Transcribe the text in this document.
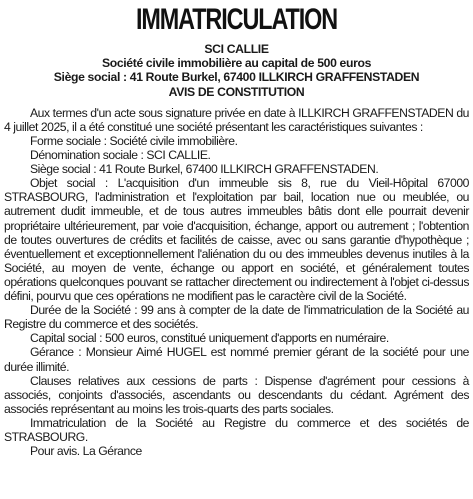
IMMATRICULATION
SCI CALLIE
Société civile immobilière au capital de 500 euros
Siège social : 41 Route Burkel, 67400 ILLKIRCH GRAFFENSTADEN
AVIS DE CONSTITUTION

Aux termes d'un acte sous signature privée en date à ILLKIRCH GRAFFENSTADEN du 4 juillet 2025, il a été constitué une société présentant les caractéristiques suivantes :

Forme sociale : Société civile immobilière.

Dénomination sociale : SCI CALLIE.

Siège social : 41 Route Burkel, 67400 ILLKIRCH GRAFFENSTADEN.

Objet social : L'acquisition d'un immeuble sis 8, rue du Vieil-Hôpital 67000 STRASBOURG, l'administration et l'exploitation par bail, location nue ou meublée, ou autrement dudit immeuble, et de tous autres immeubles bâtis dont elle pourrait devenir propriétaire ultérieurement, par voie d'acquisition, échange, apport ou autrement ; l'obtention de toutes ouvertures de crédits et facilités de caisse, avec ou sans garantie d'hypothèque ; éventuellement et exceptionnellement l'aliénation du ou des immeubles devenus inutiles à la Société, au moyen de vente, échange ou apport en société, et généralement toutes opérations quelconques pouvant se rattacher directement ou indirectement à l'objet ci-dessus défini, pourvu que ces opérations ne modifient pas le caractère civil de la Société.

Durée de la Société : 99 ans à compter de la date de l'immatriculation de la Société au Registre du commerce et des sociétés.

Capital social : 500 euros, constitué uniquement d'apports en numéraire.

Gérance : Monsieur Aimé HUGEL est nommé premier gérant de la société pour une durée illimité.

Clauses relatives aux cessions de parts : Dispense d'agrément pour cessions à associés, conjoints d'associés, ascendants ou descendants du cédant. Agrément des associés représentant au moins les trois-quarts des parts sociales.

Immatriculation de la Société au Registre du commerce et des sociétés de STRASBOURG.

Pour avis. La Gérance
